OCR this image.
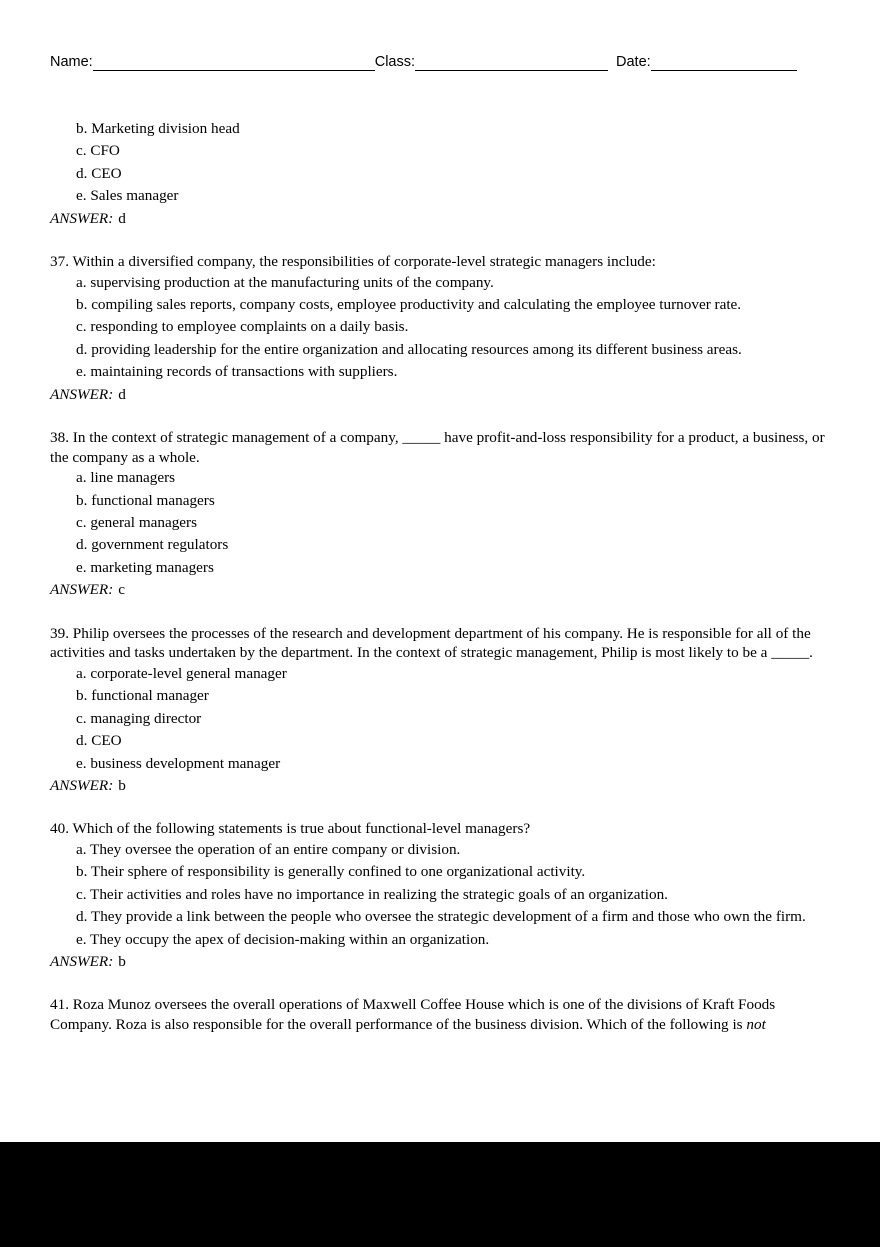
Name:	Class:	Date:
b. Marketing division head
c. CFO
d. CEO
e. Sales manager

ANSWER: d

37. Within a diversified company, the responsibilities of corporate-level strategic managers include:

a. supervising production at the manufacturing units of the company.
b. compiling sales reports, company costs, employee productivity and calculating the employee turnover rate.
c. responding to employee complaints on a daily basis.
d. providing leadership for the entire organization and allocating resources among its different business areas.
e. maintaining records of transactions with suppliers.

ANSWER: d

38. In the context of strategic management of a company, _____ have profit-and-loss responsibility for a product, a business, or the company as a whole.

a. line managers
b. functional managers
c. general managers
d. government regulators
e. marketing managers

ANSWER: c

39. Philip oversees the processes of the research and development department of his company. He is responsible for all of the activities and tasks undertaken by the department. In the context of strategic management, Philip is most likely to be a _____.

a. corporate-level general manager
b. functional manager
c. managing director
d. CEO
e. business development manager

ANSWER: b

40. Which of the following statements is true about functional-level managers?

a. They oversee the operation of an entire company or division.
b. Their sphere of responsibility is generally confined to one organizational activity.
c. Their activities and roles have no importance in realizing the strategic goals of an organization.
d. They provide a link between the people who oversee the strategic development of a firm and those who own the firm.
e. They occupy the apex of decision-making within an organization.

ANSWER: b

41. Roza Munoz oversees the overall operations of Maxwell Coffee House which is one of the divisions of Kraft Foods Company. Roza is also responsible for the overall performance of the business division. Which of the following is not
